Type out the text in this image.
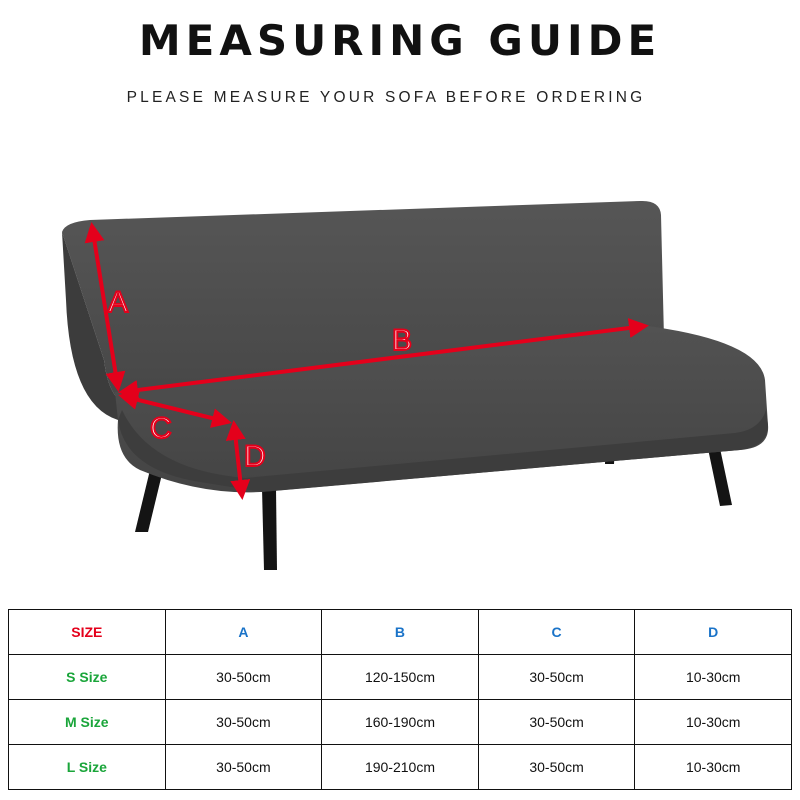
MEASURING GUIDE
PLEASE MEASURE YOUR SOFA BEFORE ORDERING
A
B
C
D
SIZE	A	B	C	D
S Size	30-50cm	120-150cm	30-50cm	10-30cm
M Size	30-50cm	160-190cm	30-50cm	10-30cm
L Size	30-50cm	190-210cm	30-50cm	10-30cm
